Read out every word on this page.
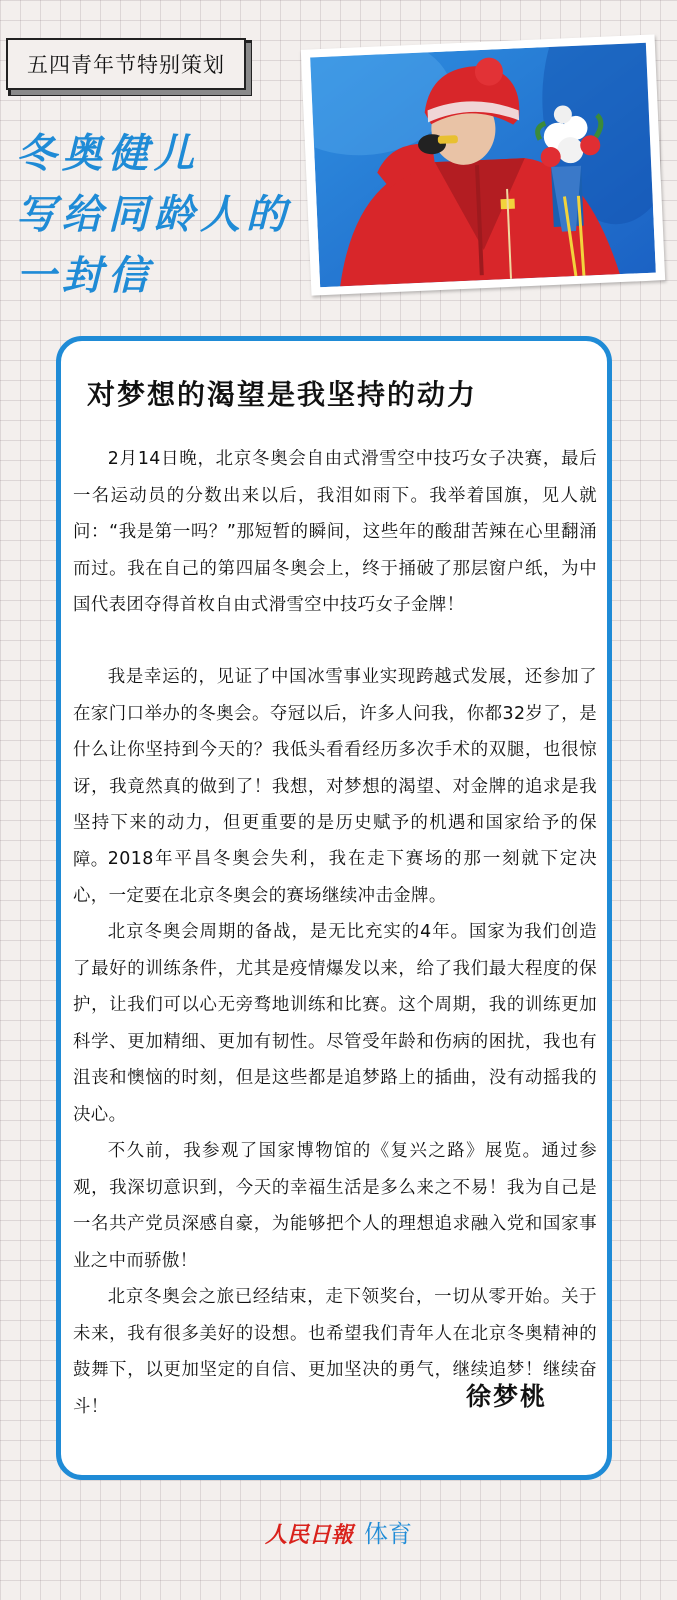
五四青年节特别策划
冬奥健儿
写给同龄人的
一封信
对梦想的渴望是我坚持的动力

2月14日晚，北京冬奥会自由式滑雪空中技巧女子决赛，最后一名运动员的分数出来以后，我泪如雨下。我举着国旗，见人就问：“我是第一吗？”那短暂的瞬间，这些年的酸甜苦辣在心里翻涌而过。我在自己的第四届冬奥会上，终于捅破了那层窗户纸，为中国代表团夺得首枚自由式滑雪空中技巧女子金牌！

我是幸运的，见证了中国冰雪事业实现跨越式发展，还参加了在家门口举办的冬奥会。夺冠以后，许多人问我，你都32岁了，是什么让你坚持到今天的？我低头看看经历多次手术的双腿，也很惊讶，我竟然真的做到了！我想，对梦想的渴望、对金牌的追求是我坚持下来的动力，但更重要的是历史赋予的机遇和国家给予的保障。 2018年平昌冬奥会失利，我在走下赛场的那一刻就下定决心，一定要在北京冬奥会的赛场继续冲击金牌。

北京冬奥会周期的备战，是无比充实的4年。国家为我们创造了最好的训练条件，尤其是疫情爆发以来，给了我们最大程度的保护，让我们可以心无旁骛地训练和比赛。这个周期，我的训练更加科学、更加精细、更加有韧性。尽管受年龄和伤病的困扰，我也有沮丧和懊恼的时刻，但是这些都是追梦路上的插曲，没有动摇我的决心。

不久前，我参观了国家博物馆的《复兴之路》展览。通过参观，我深切意识到，今天的幸福生活是多么来之不易！我为自己是一名共产党员深感自豪，为能够把个人的理想追求融入党和国家事业之中而骄傲！

北京冬奥会之旅已经结束，走下领奖台，一切从零开始。关于未来，我有很多美好的设想。也希望我们青年人在北京冬奥精神的鼓舞下，以更加坚定的自信、更加坚决的勇气，继续追梦！继续奋斗！	徐梦桃
人民日報 体育
